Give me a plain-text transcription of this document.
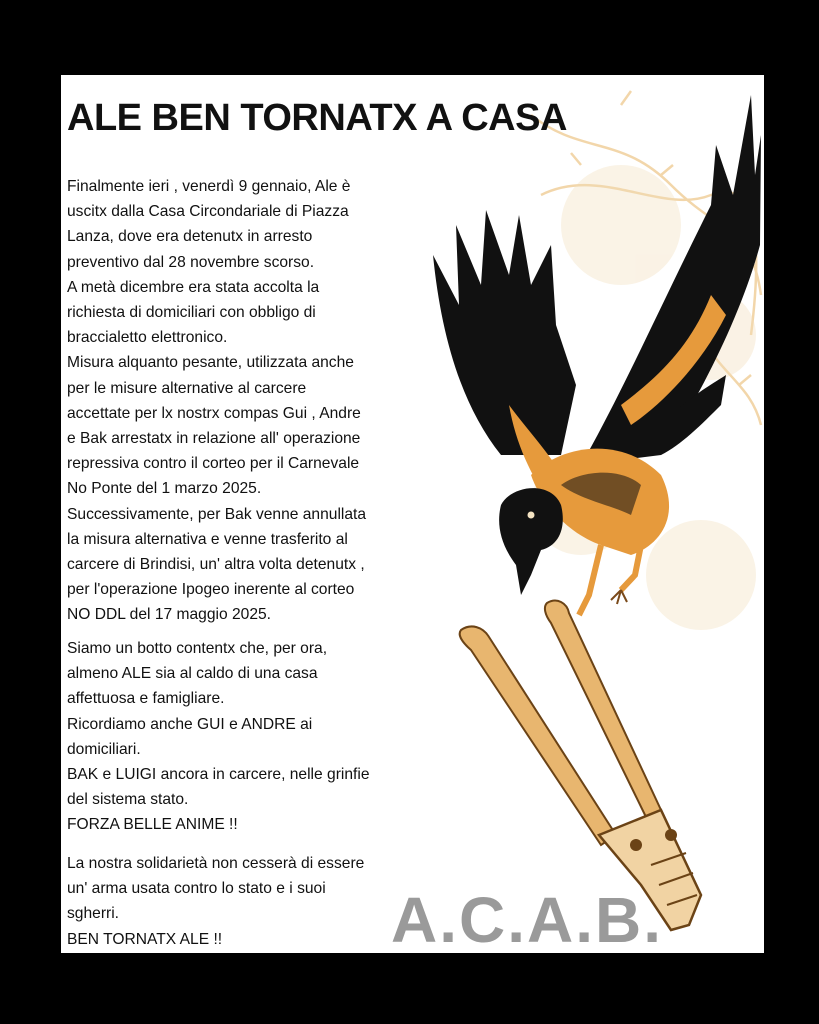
ALE BEN TORNATX A CASA
Finalmente ieri , venerdì 9 gennaio, Ale è
uscitx dalla Casa Circondariale di Piazza
Lanza, dove era detenutx in arresto
preventivo dal 28 novembre scorso.
A metà dicembre era stata accolta la
richiesta di domiciliari con obbligo di
braccialetto elettronico.
Misura alquanto pesante, utilizzata anche
per le misure alternative al carcere
accettate per lx nostrx compas Gui , Andre
e Bak arrestatx in relazione all' operazione
repressiva contro il corteo per il Carnevale
No Ponte del 1 marzo 2025.
Successivamente, per Bak venne annullata
la misura alternativa e venne trasferito al
carcere di Brindisi, un' altra volta detenutx ,
per l'operazione Ipogeo inerente al corteo
NO DDL del 17 maggio 2025.
Siamo un botto contentx che, per ora,
almeno ALE sia al caldo di una casa
affettuosa e famigliare.
Ricordiamo anche GUI e ANDRE ai
domiciliari.
BAK e LUIGI ancora in carcere, nelle grinfie
del sistema stato.
FORZA BELLE ANIME !!
La nostra solidarietà non cesserà di essere
un' arma usata contro lo stato e i suoi
sgherri.
BEN TORNATX ALE !!	A.C.A.B.
